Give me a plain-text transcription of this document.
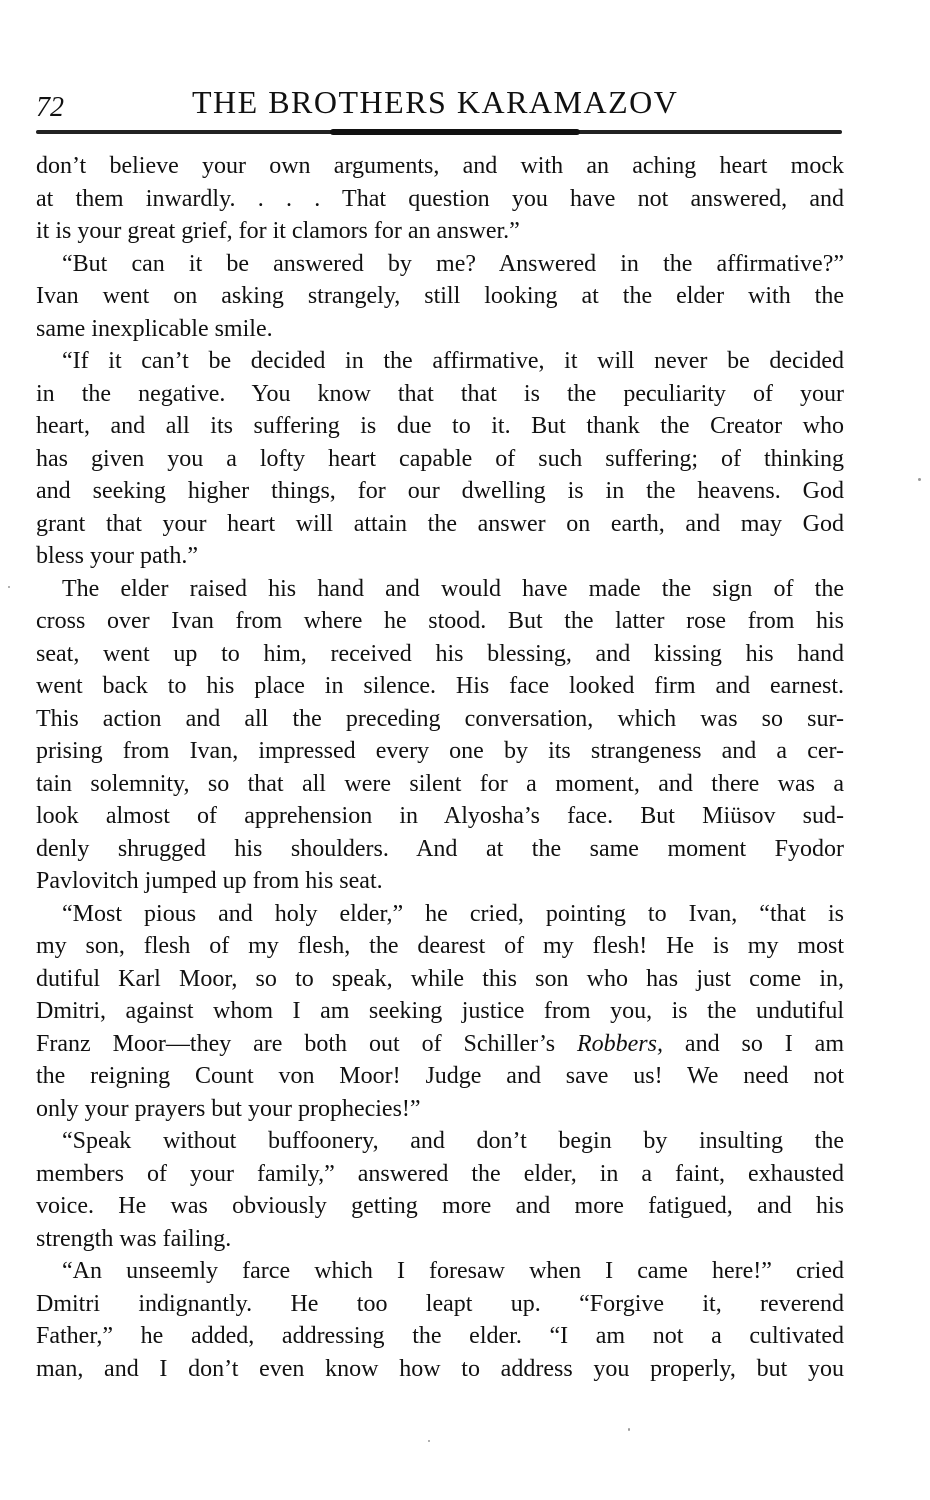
72	THE BROTHERS KARAMAZOV
don’t believe your own arguments, and with an aching heart mock
at them inwardly. . . . That question you have not answered, and
it is your great grief, for it clamors for an answer.”
“But can it be answered by me? Answered in the affirmative?”
Ivan went on asking strangely, still looking at the elder with the
same inexplicable smile.
“If it can’t be decided in the affirmative, it will never be decided
in the negative. You know that that is the peculiarity of your
heart, and all its suffering is due to it. But thank the Creator who
has given you a lofty heart capable of such suffering; of thinking
and seeking higher things, for our dwelling is in the heavens. God
grant that your heart will attain the answer on earth, and may God
bless your path.”
The elder raised his hand and would have made the sign of the
cross over Ivan from where he stood. But the latter rose from his
seat, went up to him, received his blessing, and kissing his hand
went back to his place in silence. His face looked firm and earnest.
This action and all the preceding conversation, which was so sur-
prising from Ivan, impressed every one by its strangeness and a cer-
tain solemnity, so that all were silent for a moment, and there was a
look almost of apprehension in Alyosha’s face. But Miüsov sud-
denly shrugged his shoulders. And at the same moment Fyodor
Pavlovitch jumped up from his seat.
“Most pious and holy elder,” he cried, pointing to Ivan, “that is
my son, flesh of my flesh, the dearest of my flesh! He is my most
dutiful Karl Moor, so to speak, while this son who has just come in,
Dmitri, against whom I am seeking justice from you, is the undutiful
Franz Moor—they are both out of Schiller’s Robbers, and so I am
the reigning Count von Moor! Judge and save us! We need not
only your prayers but your prophecies!”
“Speak without buffoonery, and don’t begin by insulting the
members of your family,” answered the elder, in a faint, exhausted
voice. He was obviously getting more and more fatigued, and his
strength was failing.
“An unseemly farce which I foresaw when I came here!” cried
Dmitri indignantly. He too leapt up. “Forgive it, reverend
Father,” he added, addressing the elder. “I am not a cultivated
man, and I don’t even know how to address you properly, but you
